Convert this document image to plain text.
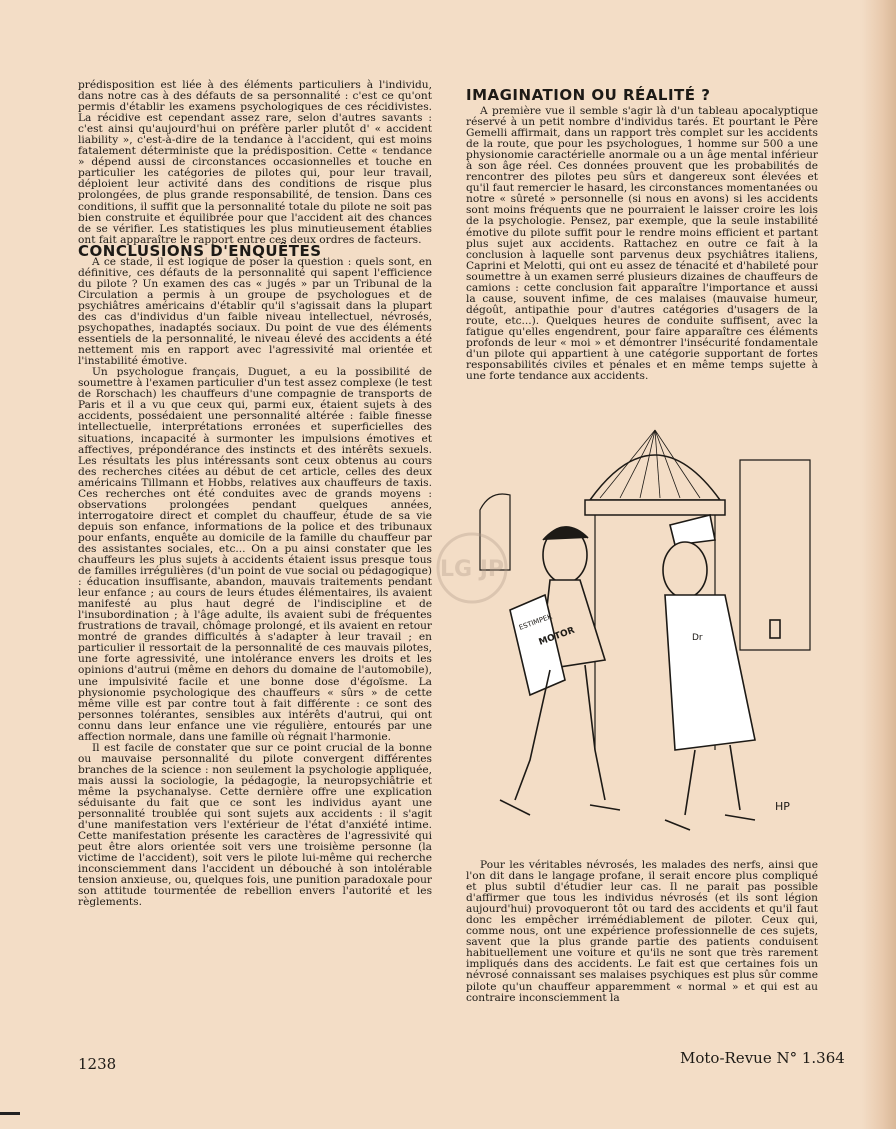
prédisposition est liée à des éléments particuliers à l'individu, dans notre cas à des défauts de sa personnalité : c'est ce qu'ont permis d'établir les examens psychologiques de ces récidivistes. La récidive est cependant assez rare, selon d'autres savants : c'est ainsi qu'aujourd'hui on préfère parler plutôt d' « accident liability », c'est-à-dire de la tendance à l'accident, qui est moins fatalement déterministe que la prédisposition. Cette « tendance » dépend aussi de circonstances occasionnelles et touche en particulier les catégories de pilotes qui, pour leur travail, déploient leur activité dans des conditions de risque plus prolongées, de plus grande responsabilité, de tension. Dans ces conditions, il suffit que la personnalité totale du pilote ne soit pas bien construite et équilibrée pour que l'accident ait des chances de se vérifier. Les statistiques les plus minutieusement établies ont fait apparaître le rapport entre ces deux ordres de facteurs.

CONCLUSIONS D'ENQUÊTES

A ce stade, il est logique de poser la question : quels sont, en définitive, ces défauts de la personnalité qui sapent l'efficience du pilote ? Un examen des cas « jugés » par un Tribunal de la Circulation a permis à un groupe de psychologues et de psychiâtres américains d'établir qu'il s'agissait dans la plupart des cas d'individus d'un faible niveau intellectuel, névrosés, psychopathes, inadaptés sociaux. Du point de vue des éléments essentiels de la personnalité, le niveau élevé des accidents a été nettement mis en rapport avec l'agressivité mal orientée et l'instabilité émotive.

Un psychologue français, Duguet, a eu la possibilité de soumettre à l'examen particulier d'un test assez complexe (le test de Rorschach) les chauffeurs d'une compagnie de transports de Paris et il a vu que ceux qui, parmi eux, étaient sujets à des accidents, possédaient une personnalité altérée : faible finesse intellectuelle, interprétations erronées et superficielles des situations, incapacité à surmonter les impulsions émotives et affectives, prépondérance des instincts et des intérêts sexuels. Les résultats les plus intéressants sont ceux obtenus au cours des recherches citées au début de cet article, celles des deux américains Tillmann et Hobbs, relatives aux chauffeurs de taxis. Ces recherches ont été conduites avec de grands moyens : observations prolongées pendant quelques années, interrogatoire direct et complet du chauffeur, étude de sa vie depuis son enfance, informations de la police et des tribunaux pour enfants, enquête au domicile de la famille du chauffeur par des assistantes sociales, etc... On a pu ainsi constater que les chauffeurs les plus sujets à accidents étaient issus presque tous de familles irrégulières (d'un point de vue social ou pédagogique) : éducation insuffisante, abandon, mauvais traitements pendant leur enfance ; au cours de leurs études élémentaires, ils avaient manifesté au plus haut degré de l'indiscipline et de l'insubordination ; à l'âge adulte, ils avaient subi de fréquentes frustrations de travail, chômage prolongé, et ils avaient en retour montré de grandes difficultés à s'adapter à leur travail ; en particulier il ressortait de la personnalité de ces mauvais pilotes, une forte agressivité, une intolérance envers les droits et les opinions d'autrui (même en dehors du domaine de l'automobile), une impulsivité facile et une bonne dose d'égoïsme. La physionomie psychologique des chauffeurs « sûrs » de cette même ville est par contre tout à fait différente : ce sont des personnes tolérantes, sensibles aux intérêts d'autrui, qui ont connu dans leur enfance une vie régulière, entourés par une affection normale, dans une famille où régnait l'harmonie.

Il est facile de constater que sur ce point crucial de la bonne ou mauvaise personnalité du pilote convergent différentes branches de la science : non seulement la psychologie appliquée, mais aussi la sociologie, la pédagogie, la neuropsychiâtrie et même la psychanalyse. Cette dernière offre une explication séduisante du fait que ce sont les individus ayant une personnalité troublée qui sont sujets aux accidents : il s'agit d'une manifestation vers l'extérieur de l'état d'anxiété intime. Cette manifestation présente les caractères de l'agressivité qui peut être alors orientée soit vers une troisième personne (la victime de l'accident), soit vers le pilote lui-même qui recherche inconsciemment dans l'accident un débouché à son intolérable tension anxieuse, ou, quelques fois, une punition paradoxale pour son attitude tourmentée de rebellion envers l'autorité et les règlements.

IMAGINATION OU RÉALITÉ ?

A première vue il semble s'agir là d'un tableau apocalyptique réservé à un petit nombre d'individus tarés. Et pourtant le Père Gemelli affirmait, dans un rapport très complet sur les accidents de la route, que pour les psychologues, 1 homme sur 500 a une physionomie caractérielle anormale ou a un âge mental inférieur à son âge réel. Ces données prouvent que les probabilités de rencontrer des pilotes peu sûrs et dangereux sont élevées et qu'il faut remercier le hasard, les circonstances momentanées ou notre « sûreté » personnelle (si nous en avons) si les accidents sont moins fréquents que ne pourraient le laisser croire les lois de la psychologie. Pensez, par exemple, que la seule instabilité émotive du pilote suffit pour le rendre moins efficient et partant plus sujet aux accidents. Rattachez en outre ce fait à la conclusion à laquelle sont parvenus deux psychiâtres italiens, Caprini et Melotti, qui ont eu assez de ténacité et d'habileté pour soumettre à un examen serré plusieurs dizaines de chauffeurs de camions : cette conclusion fait apparaître l'importance et aussi la cause, souvent infime, de ces malaises (mauvaise humeur, dégoût, antipathie pour d'autres catégories d'usagers de la route, etc...). Quelques heures de conduite suffisent, avec la fatigue qu'elles engendrent, pour faire apparaître ces éléments profonds de leur « moi » et démontrer l'insécurité fondamentale d'un pilote qui appartient à une catégorie supportant de fortes responsabilités civiles et pénales et en même temps sujette à une forte tendance aux accidents.

ESTIMPEK
MOTOR	Dr
HP

Pour les véritables névrosés, les malades des nerfs, ainsi que l'on dit dans le langage profane, il serait encore plus compliqué et plus subtil d'étudier leur cas. Il ne parait pas possible d'affirmer que tous les individus névrosés (et ils sont légion aujourd'hui) provoqueront tôt ou tard des accidents et qu'il faut donc les empêcher irrémédiablement de piloter. Ceux qui, comme nous, ont une expérience professionnelle de ces sujets, savent que la plus grande partie des patients conduisent habituellement une voiture et qu'ils ne sont que très rarement impliqués dans des accidents. Le fait est que certaines fois un névrosé connaissant ses malaises psychiques est plus sûr comme pilote qu'un chauffeur apparemment « normal » et qui est au contraire inconsciemment la

LG JP
1238	Moto-Revue N° 1.364
